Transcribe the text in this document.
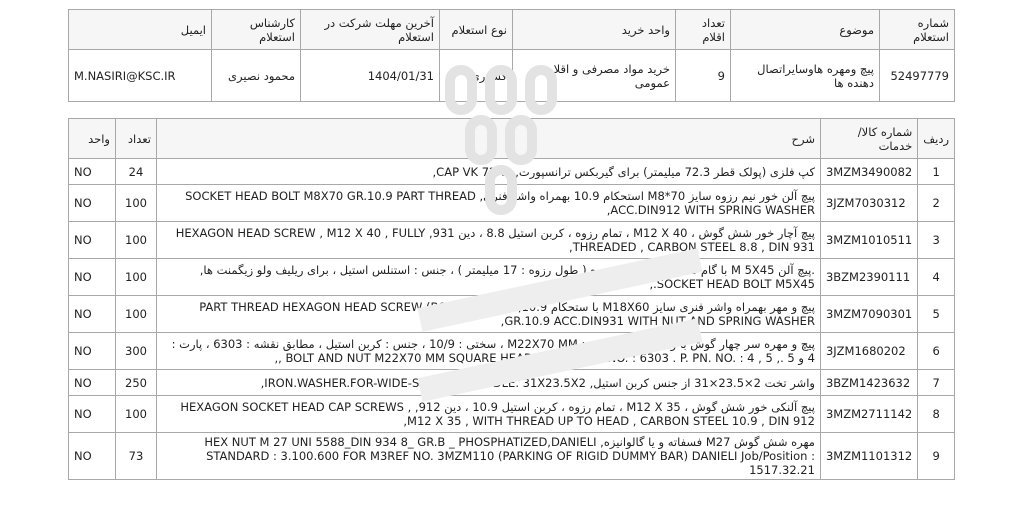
ایمیل	کارشناس استعلام	آخرین مهلت شرکت در استعلام	نوع استعلام	واحد خرید	تعداد اقلام	موضوع	شماره استعلام
M.NASIRI@KSC.IR	محمود نصیری	1404/01/31	کشوری	خرید مواد مصرفی و اقلام عمومی	9	پیچ ومهره هاوسایراتصال دهنده ها	52497779
واحد	تعداد	شرح	شماره کالا/خدمات	ردیف
NO	24	کپ فلزی (پولک قطر 72.3 میلیمتر) برای گیربکس ترانسپورت, CAP VK 72X9,	3MZM3490082	1
NO	100	پیچ آلن خور نیم رزوه سایز M8*70 استحکام 10.9 بهمراه واشر فنری, SOCKET HEAD BOLT M8X70 GR.10.9 PART THREAD ACC.DIN912 WITH SPRING WASHER,	3JZM7030312	2
NO	100	پیچ آچار خور شش گوش ، M12 X 40 ، تمام رزوه ، کربن استیل 8.8 ، دین 931, HEXAGON HEAD SCREW , M12 X 40 , FULLY THREADED , CARBON STEEL 8.8 , DIN 931,	3MZM1010511	3
NO	100	.پیچ آلن M 5X45 با گام 0.8 میلیمتر ، نیم رزوه ( طول رزوه : 17 میلیمتر ) ، جنس : استنلس استیل ، برای ریلیف ولو زیگمنت ها, SOCKET HEAD BOLT M5X45.,	3BZM2390111	4
NO	100	پیچ و مهر بهمراه واشر فنری سایز M18X60 با ستحکام 10.9, PART THREAD HEXAGON HEAD SCREW (BOLT) M18X60 GR.10.9 ACC.DIN931 WITH NUT AND SPRING WASHER,	3MZM7090301	5
NO	300	پیچ و مهره سر چهار گوش با واشر فنری، اندازه : M22X70 MM ، سختی : 10/9 ، جنس : کربن استیل ، مطابق نقشه : 6303 ، پارت : 4 و 5 ., BOLT AND NUT M22X70 MM SQUARE HEAD .ACC. DWG. NO. : 6303 . P. PN. NO. : 4 , 5 ,,	3JZM1680202	6
NO	250	واشر تخت 2×23.5×31 از جنس کربن استیل, IRON.WASHER.FOR-WIDE-SIDE-NEW MODLE. 31X23.5X2,	3BZM1423632	7
NO	100	پیچ آلنکی خور شش گوش ، M12 X 35 ، تمام رزوه ، کربن استیل 10.9 ، دین 912, HEXAGON SOCKET HEAD CAP SCREWS , M12 X 35 , WITH THREAD UP TO HEAD , CARBON STEEL 10.9 , DIN 912,	3MZM2711142	8
NO	73	مهره شش گوش M27 فسفاته و یا گالوانیزه, HEX NUT M 27 UNI 5588_DIN 934 8_ GR.B _ PHOSPHATIZED,DANIELI STANDARD : 3.100.600 FOR M3REF NO. 3MZM110 (PARKING OF RIGID DUMMY BAR) DANIELI Job/Position : 1517.32.21	3MZM1101312	9
